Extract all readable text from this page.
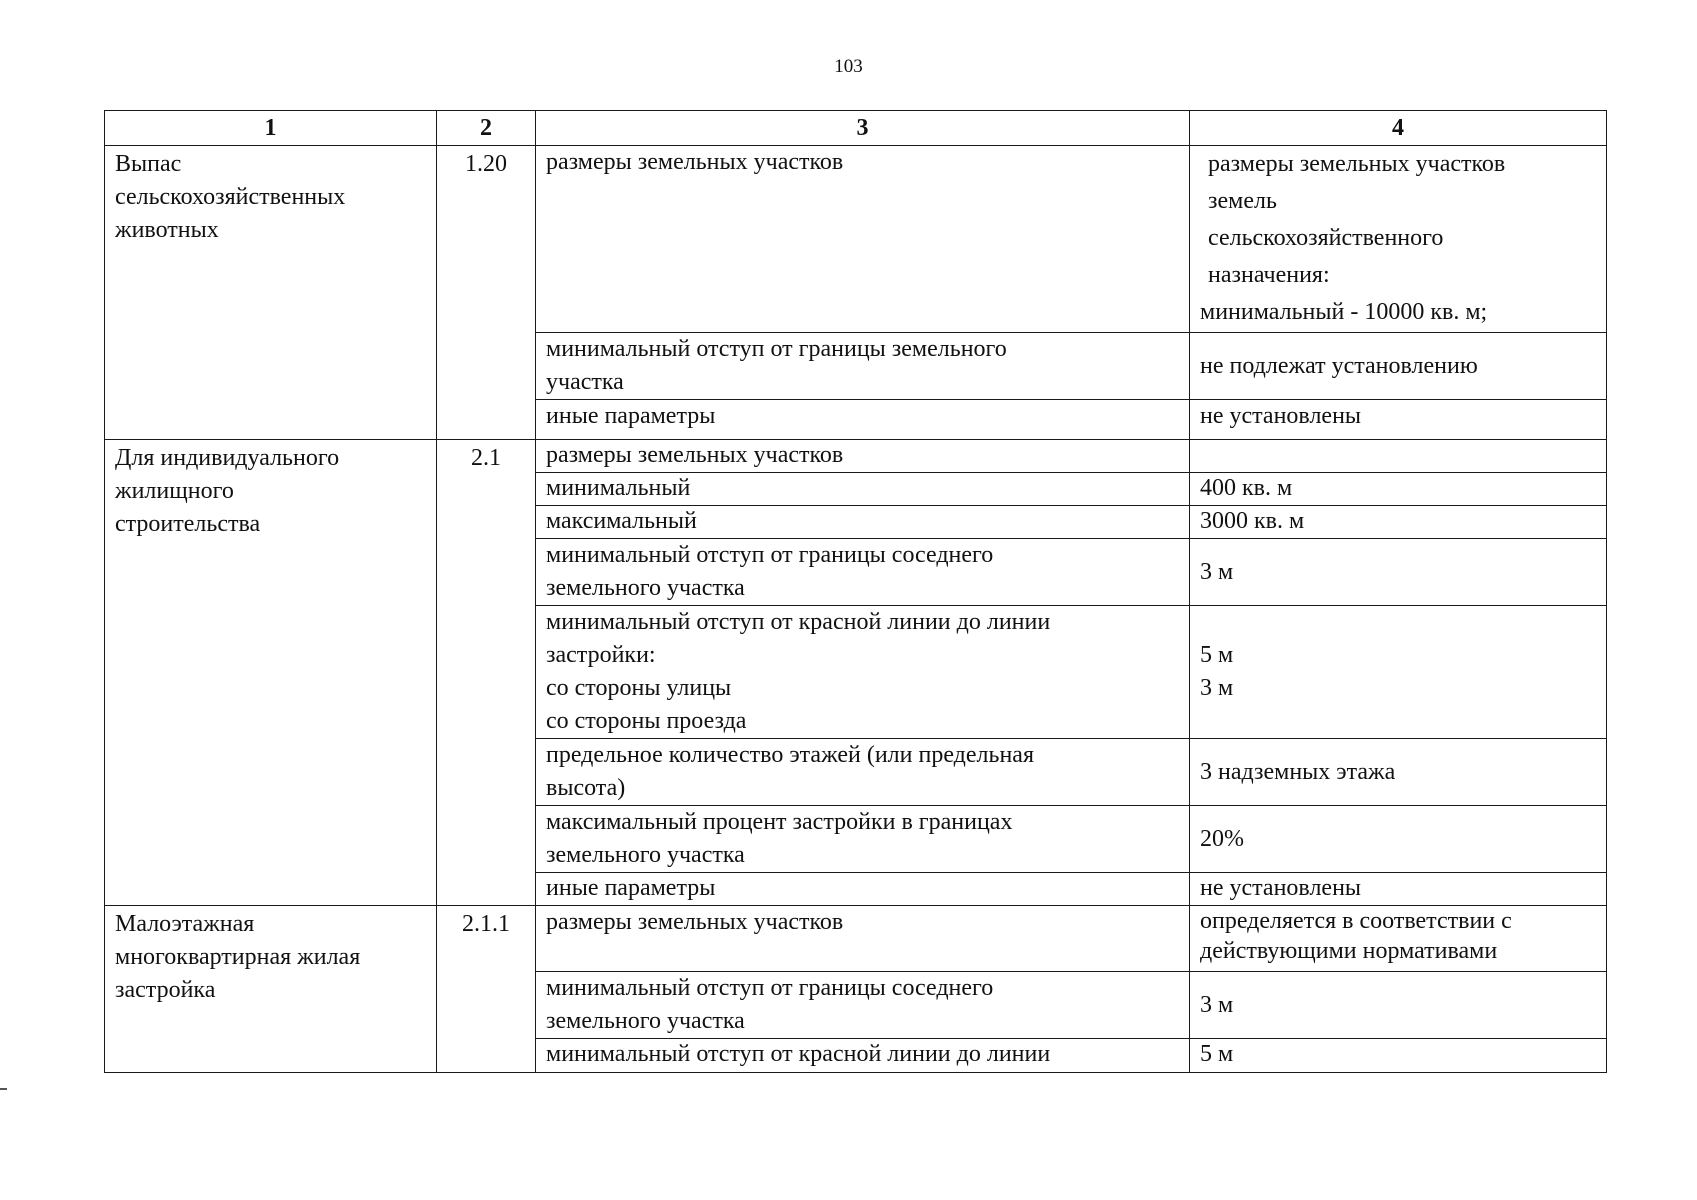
103
1	2	3	4

Выпас
сельскохозяйственных
животных	1.20	размеры земельных участков	размеры земельных участков
земель
сельскохозяйственного
назначения:
минимальный - 10000 кв. м;

		минимальный отступ от границы земельного
участка	не подлежат установлению

		иные параметры	не установлены

Для индивидуального
жилищного
строительства	2.1	размеры земельных участков	

		минимальный	400 кв. м

		максимальный	3000 кв. м

		минимальный отступ от границы соседнего
земельного участка	3 м

		минимальный отступ от красной линии до линии
застройки:
со стороны улицы
со стороны проезда	5 м
3 м

		предельное количество этажей (или предельная
высота)	3 надземных этажа

		максимальный процент застройки в границах
земельного участка	20%

		иные параметры	не установлены

Малоэтажная
многоквартирная жилая
застройка	2.1.1	размеры земельных участков	определяется в соответствии с
действующими нормативами

		минимальный отступ от границы соседнего
земельного участка	3 м

		минимальный отступ от красной линии до линии	5 м
